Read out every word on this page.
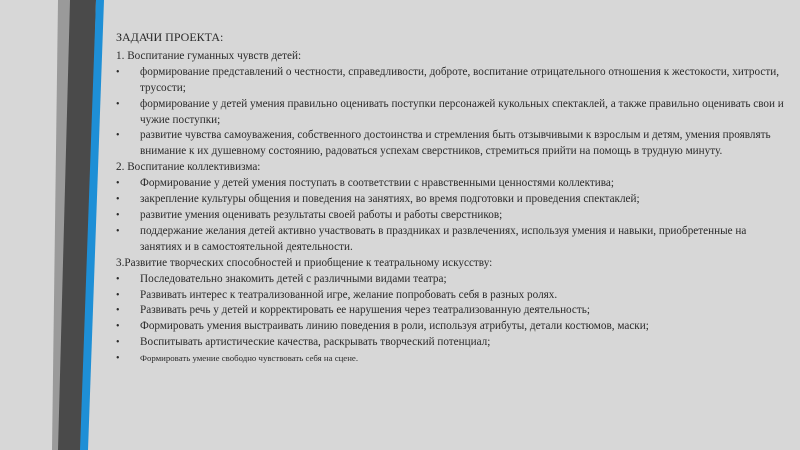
ЗАДАЧИ ПРОЕКТА:
1. Воспитание гуманных чувств детей:
•	формирование представлений о честности, справедливости, доброте, воспитание отрицательного отношения к жестокости, хитрости, трусости;
•	формирование у детей умения правильно оценивать поступки персонажей кукольных спектаклей, а также правильно оценивать свои и чужие поступки;
•	развитие чувства самоуважения, собственного достоинства и стремления быть отзывчивыми к взрослым и детям, умения проявлять внимание к их душевному состоянию, радоваться успехам сверстников, стремиться прийти на помощь в трудную минуту.
2. Воспитание коллективизма:
•	Формирование у детей умения поступать в соответствии с нравственными ценностями коллектива;
•	закрепление культуры общения и поведения на занятиях, во время подготовки и проведения спектаклей;
•	развитие умения оценивать результаты своей работы и работы сверстников;
•	поддержание желания детей активно участвовать в праздниках и развлечениях, используя умения и навыки, приобретенные на занятиях и в самостоятельной деятельности.
3.Развитие творческих способностей и приобщение к театральному искусству:
•	Последовательно знакомить детей с различными видами театра;
•	Развивать интерес к театрализованной игре, желание попробовать себя в разных ролях.
•	Развивать речь у детей и корректировать ее нарушения через театрализованную деятельность;
•	Формировать умения выстраивать линию поведения в роли, используя атрибуты, детали костюмов, маски;
•	Воспитывать артистические качества, раскрывать творческий потенциал;
•	Формировать умение свободно чувствовать себя на сцене.
